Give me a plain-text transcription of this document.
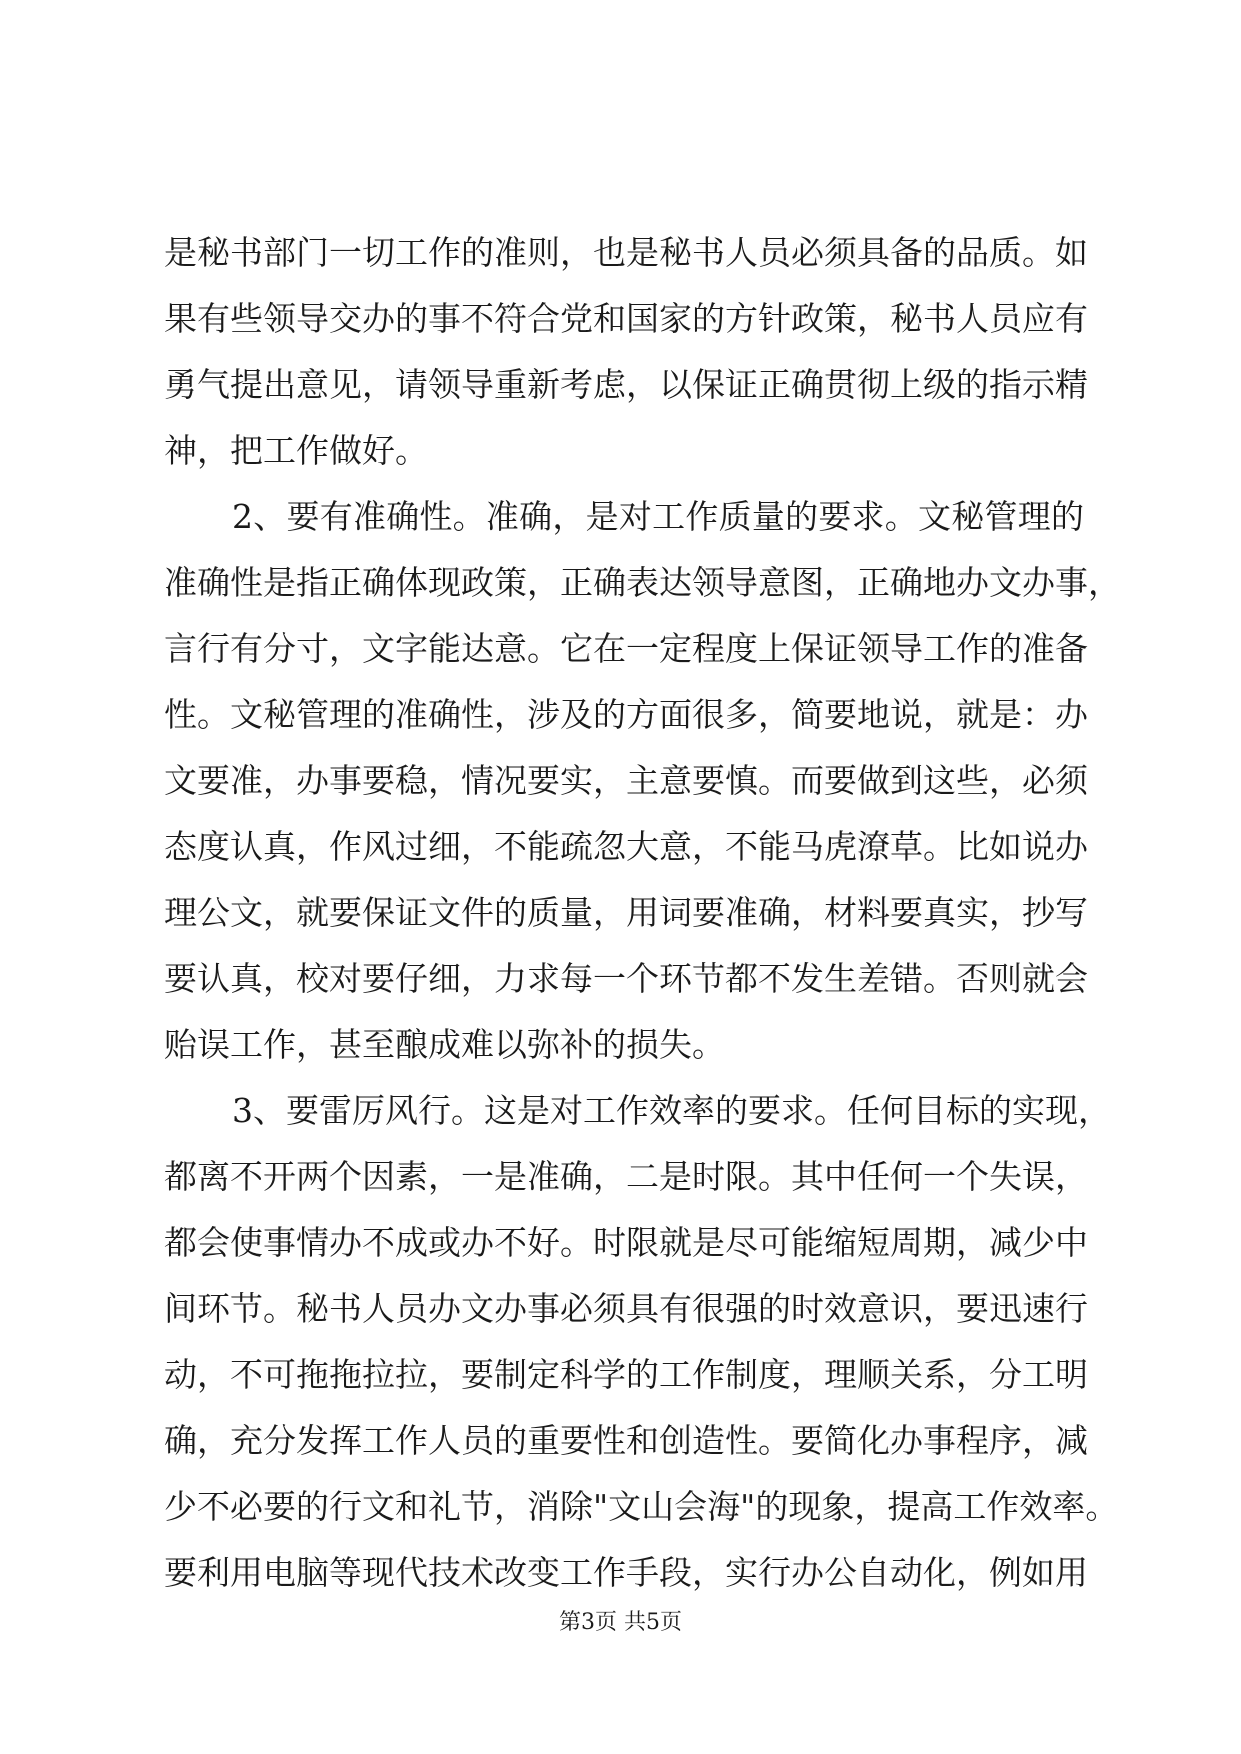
是秘书部门一切工作的准则，也是秘书人员必须具备的品质。如
果有些领导交办的事不符合党和国家的方针政策，秘书人员应有
勇气提出意见，请领导重新考虑，以保证正确贯彻上级的指示精
神，把工作做好。
2、要有准确性。准确，是对工作质量的要求。文秘管理的
准确性是指正确体现政策，正确表达领导意图，正确地办文办事，
言行有分寸，文字能达意。它在一定程度上保证领导工作的准备
性。文秘管理的准确性，涉及的方面很多，简要地说，就是：办
文要准，办事要稳，情况要实，主意要慎。而要做到这些，必须
态度认真，作风过细，不能疏忽大意，不能马虎潦草。比如说办
理公文，就要保证文件的质量，用词要准确，材料要真实，抄写
要认真，校对要仔细，力求每一个环节都不发生差错。否则就会
贻误工作，甚至酿成难以弥补的损失。
3、要雷厉风行。这是对工作效率的要求。任何目标的实现，
都离不开两个因素，一是准确，二是时限。其中任何一个失误，
都会使事情办不成或办不好。时限就是尽可能缩短周期，减少中
间环节。秘书人员办文办事必须具有很强的时效意识，要迅速行
动，不可拖拖拉拉，要制定科学的工作制度，理顺关系，分工明
确，充分发挥工作人员的重要性和创造性。要简化办事程序，减
少不必要的行文和礼节，消除"文山会海"的现象，提高工作效率。
要利用电脑等现代技术改变工作手段，实行办公自动化，例如用
第3页 共5页
